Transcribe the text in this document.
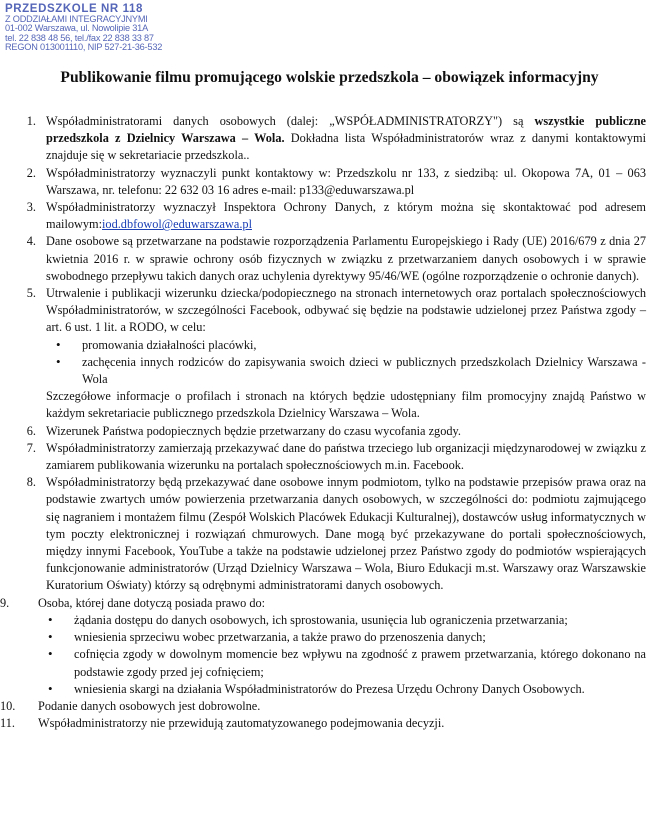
PRZEDSZKOLE NR 118
Z ODDZIAŁAMI INTEGRACYJNYMI
01-002 Warszawa, ul. Nowolipie 31A
tel. 22 838 48 56, tel./fax 22 838 33 87
REGON 013001110, NIP 527-21-36-532
Publikowanie filmu promującego wolskie przedszkola – obowiązek informacyjny
1. Współadministratorami danych osobowych (dalej: „WSPÓŁADMINISTRATORZY") są wszystkie publiczne przedszkola z Dzielnicy Warszawa – Wola. Dokładna lista Współadministratorów wraz z danymi kontaktowymi znajduje się w sekretariacie przedszkola..

2. Współadministratorzy wyznaczyli punkt kontaktowy w: Przedszkolu nr 133, z siedzibą: ul. Okopowa 7A, 01 – 063 Warszawa, nr. telefonu: 22 632 03 16 adres e-mail: p133@eduwarszawa.pl

3. Współadministratorzy wyznaczył Inspektora Ochrony Danych, z którym można się skontaktować pod adresem mailowym:iod.dbfowol@eduwarszawa.pl

4. Dane osobowe są przetwarzane na podstawie rozporządzenia Parlamentu Europejskiego i Rady (UE) 2016/679 z dnia 27 kwietnia 2016 r. w sprawie ochrony osób fizycznych w związku z przetwarzaniem danych osobowych i w sprawie swobodnego przepływu takich danych oraz uchylenia dyrektywy 95/46/WE (ogólne rozporządzenie o ochronie danych).

5. Utrwalenie i publikacji wizerunku dziecka/podopiecznego na stronach internetowych oraz portalach społecznościowych Współadministratorów, w szczególności Facebook, odbywać się będzie na podstawie udzielonej przez Państwa zgody – art. 6 ust. 1 lit. a RODO, w celu:

• promowania działalności placówki,
• zachęcenia innych rodziców do zapisywania swoich dzieci w publicznych przedszkolach Dzielnicy Warszawa - Wola

Szczegółowe informacje o profilach i stronach na których będzie udostępniany film promocyjny znajdą Państwo w każdym sekretariacie publicznego przedszkola Dzielnicy Warszawa – Wola.

6. Wizerunek Państwa podopiecznych będzie przetwarzany do czasu wycofania zgody.

7. Współadministratorzy zamierzają przekazywać dane do państwa trzeciego lub organizacji międzynarodowej w związku z zamiarem publikowania wizerunku na portalach społecznościowych m.in. Facebook.

8. Współadministratorzy będą przekazywać dane osobowe innym podmiotom, tylko na podstawie przepisów prawa oraz na podstawie zwartych umów powierzenia przetwarzania danych osobowych, w szczególności do: podmiotu zajmującego się nagraniem i montażem filmu (Zespół Wolskich Placówek Edukacji Kulturalnej), dostawców usług informatycznych w tym poczty elektronicznej i rozwiązań chmurowych. Dane mogą być przekazywane do portali społecznościowych, między innymi Facebook, YouTube a także na podstawie udzielonej przez Państwo zgody do podmiotów wspierających funkcjonowanie administratorów (Urząd Dzielnicy Warszawa – Wola, Biuro Edukacji m.st. Warszawy oraz Warszawskie Kuratorium Oświaty) którzy są odrębnymi administratorami danych osobowych.

9.	Osoba, której dane dotyczą posiada prawo do:

• żądania dostępu do danych osobowych, ich sprostowania, usunięcia lub ograniczenia przetwarzania;
• wniesienia sprzeciwu wobec przetwarzania, a także prawo do przenoszenia danych;
• cofnięcia zgody w dowolnym momencie bez wpływu na zgodność z prawem przetwarzania, którego dokonano na podstawie zgody przed jej cofnięciem;
• wniesienia skargi na działania Współadministratorów do Prezesa Urzędu Ochrony Danych Osobowych.
10.	Podanie danych osobowych jest dobrowolne.

11.	Współadministratorzy nie przewidują zautomatyzowanego podejmowania decyzji.
